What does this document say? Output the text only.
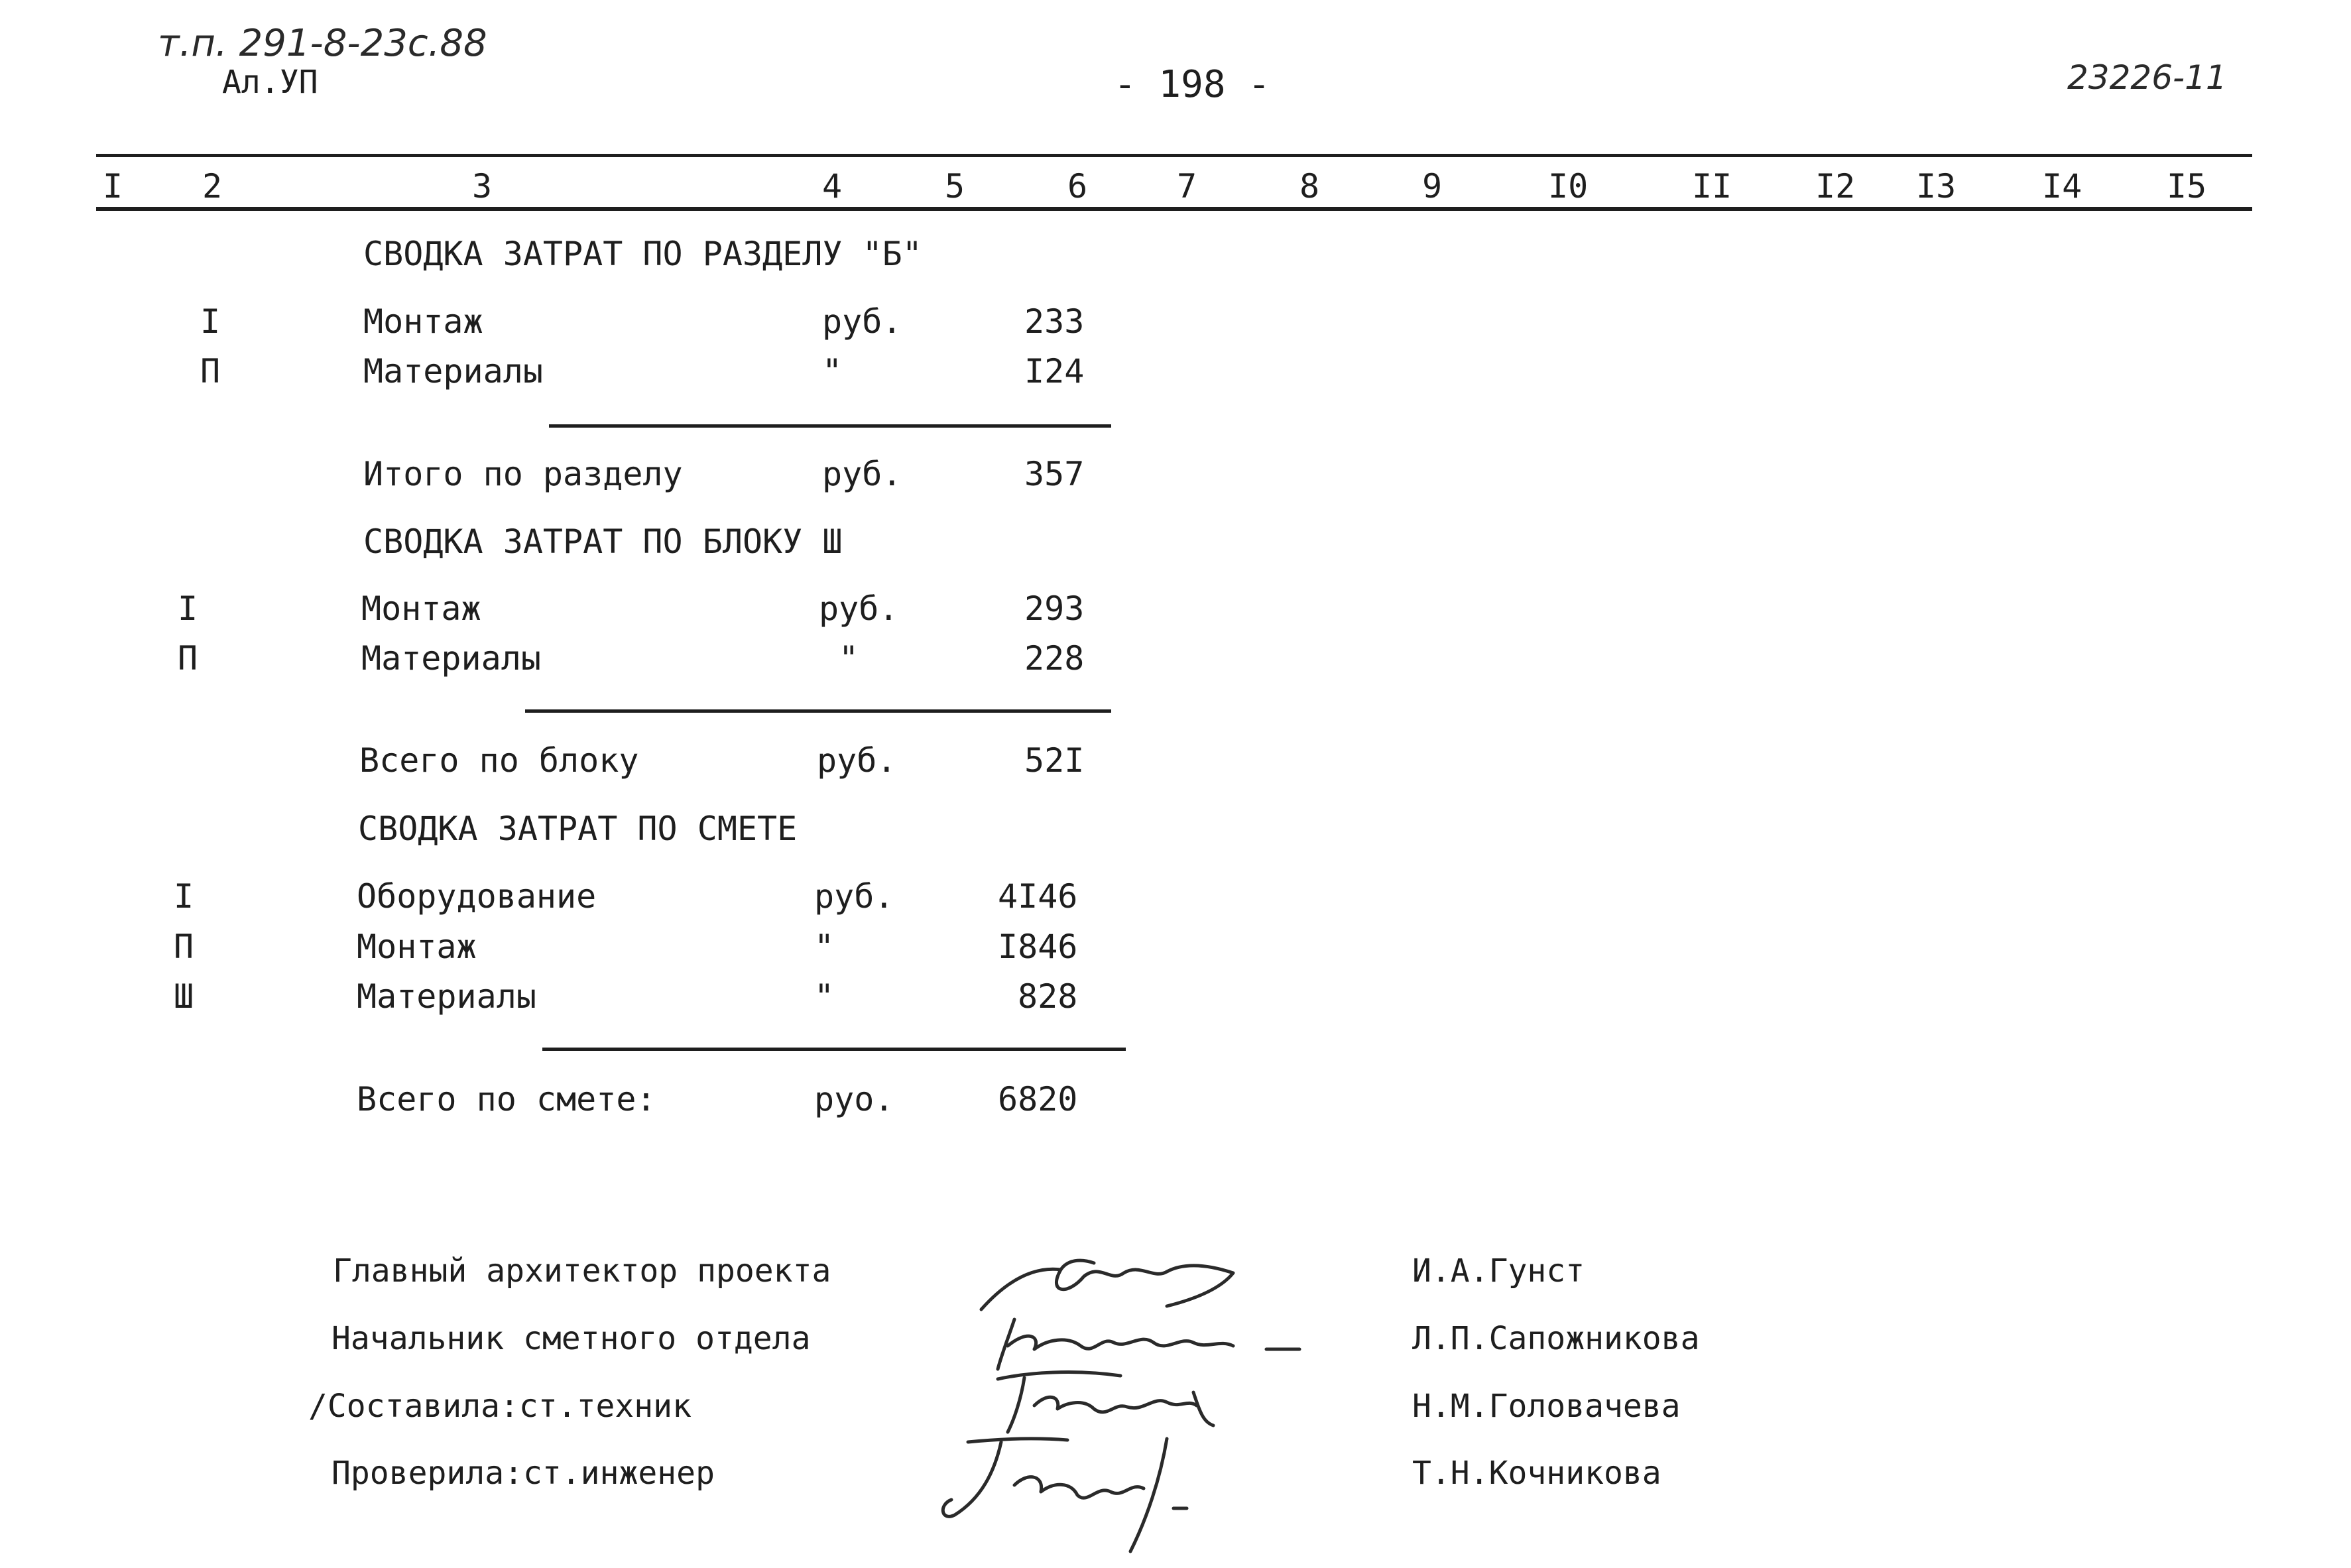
т.п. 291-8-23с.88
Ал.УП	- 198 -	23226-11
I 2	3	4	5	6	7	8	9	I0	II	I2 I3	I4	I5
СВОДКА ЗАТРАТ ПО РАЗДЕЛУ "Б"
I	Монтаж	руб.	233
П	Материалы	"	I24
Итого по разделу	руб.	357
СВОДКА ЗАТРАТ ПО БЛОКУ Ш
I	Монтаж	руб.	293
П	Материалы	"	228
Всего по блоку	руб.	52I
СВОДКА ЗАТРАТ ПО СМЕТЕ
I	Оборудование	руб.	4I46
П	Монтаж	"	I846
Ш	Материалы	"	828
Всего по смете:	руо.	6820
Главный архитектор проекта	И.А.Гунст
Начальник сметного отдела	Л.П.Сапожникова
/Составила:ст.техник	Н.М.Головачева
Проверила:ст.инженер	Т.Н.Кочникова
